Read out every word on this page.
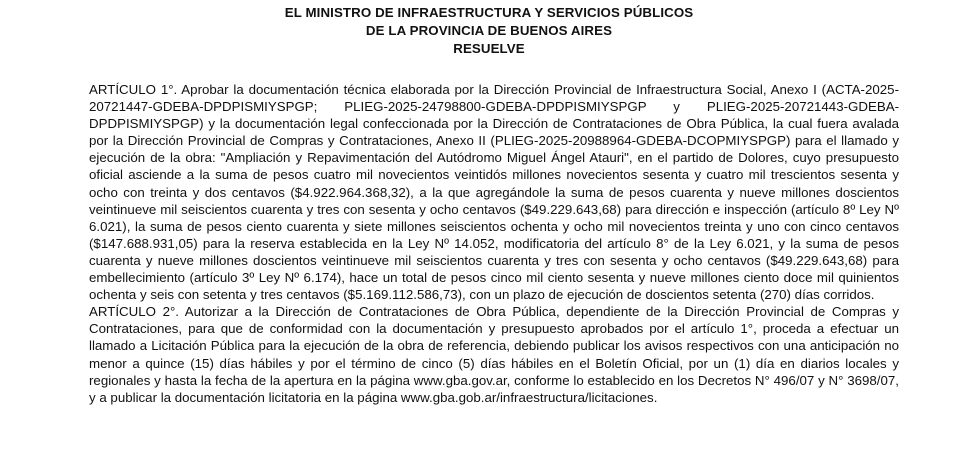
EL MINISTRO DE INFRAESTRUCTURA Y SERVICIOS PÚBLICOS
DE LA PROVINCIA DE BUENOS AIRES
RESUELVE

ARTÍCULO 1°. Aprobar la documentación técnica elaborada por la Dirección Provincial de Infraestructura Social, Anexo I (ACTA-2025-20721447-GDEBA-DPDPISMIYSPGP; PLIEG-2025-24798800-GDEBA-DPDPISMIYSPGP y PLIEG-2025-20721443-GDEBA-DPDPISMIYSPGP) y la documentación legal confeccionada por la Dirección de Contrataciones de Obra Pública, la cual fuera avalada por la Dirección Provincial de Compras y Contrataciones, Anexo II (PLIEG-2025-20988964-GDEBA-DCOPMIYSPGP) para el llamado y ejecución de la obra: "Ampliación y Repavimentación del Autódromo Miguel Ángel Atauri", en el partido de Dolores, cuyo presupuesto oficial asciende a la suma de pesos cuatro mil novecientos veintidós millones novecientos sesenta y cuatro mil trescientos sesenta y ocho con treinta y dos centavos ($4.922.964.368,32), a la que agregándole la suma de pesos cuarenta y nueve millones doscientos veintinueve mil seiscientos cuarenta y tres con sesenta y ocho centavos ($49.229.643,68) para dirección e inspección (artículo 8º Ley Nº 6.021), la suma de pesos ciento cuarenta y siete millones seiscientos ochenta y ocho mil novecientos treinta y uno con cinco centavos ($147.688.931,05) para la reserva establecida en la Ley Nº 14.052, modificatoria del artículo 8° de la Ley 6.021, y la suma de pesos cuarenta y nueve millones doscientos veintinueve mil seiscientos cuarenta y tres con sesenta y ocho centavos ($49.229.643,68) para embellecimiento (artículo 3º Ley Nº 6.174), hace un total de pesos cinco mil ciento sesenta y nueve millones ciento doce mil quinientos ochenta y seis con setenta y tres centavos ($5.169.112.586,73), con un plazo de ejecución de doscientos setenta (270) días corridos.

ARTÍCULO 2°. Autorizar a la Dirección de Contrataciones de Obra Pública, dependiente de la Dirección Provincial de Compras y Contrataciones, para que de conformidad con la documentación y presupuesto aprobados por el artículo 1°, proceda a efectuar un llamado a Licitación Pública para la ejecución de la obra de referencia, debiendo publicar los avisos respectivos con una anticipación no menor a quince (15) días hábiles y por el término de cinco (5) días hábiles en el Boletín Oficial, por un (1) día en diarios locales y regionales y hasta la fecha de la apertura en la página www.gba.gov.ar, conforme lo establecido en los Decretos N° 496/07 y N° 3698/07, y a publicar la documentación licitatoria en la página www.gba.gob.ar/infraestructura/licitaciones.
